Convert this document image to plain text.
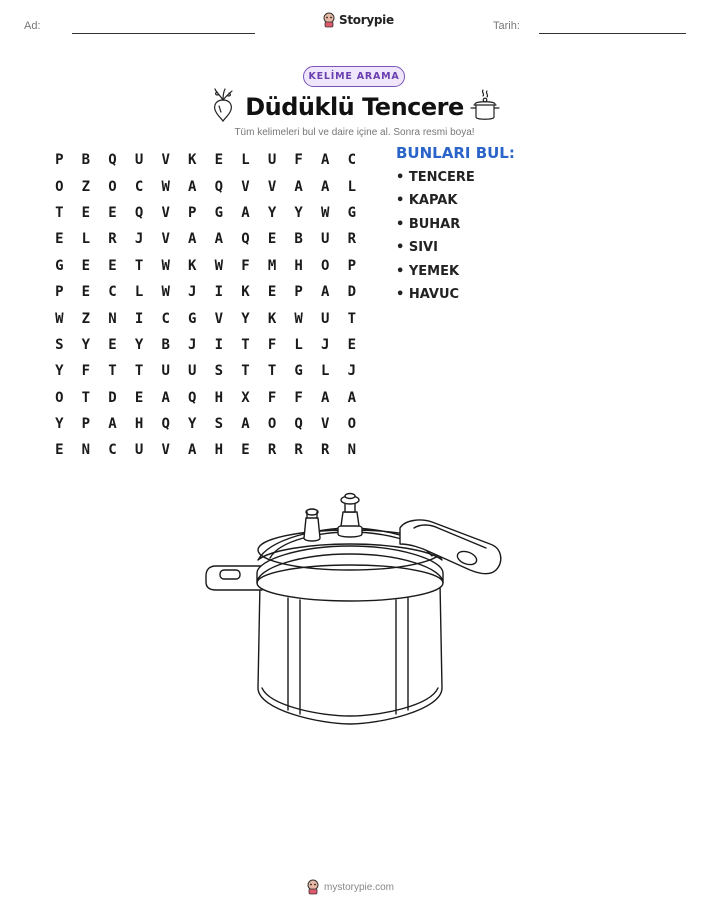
Ad:	Tarih:
Storypie
KELİME ARAMA
Düdüklü Tencere
Tüm kelimeleri bul ve daire içine al. Sonra resmi boya!
P	B	Q	U	V	K	E	L	U	F	A	C
O	Z	O	C	W	A	Q	V	V	A	A	L
T	E	E	Q	V	P	G	A	Y	Y	W	G
E	L	R	J	V	A	A	Q	E	B	U	R
G	E	E	T	W	K	W	F	M	H	O	P
P	E	C	L	W	J	I	K	E	P	A	D
W	Z	N	I	C	G	V	Y	K	W	U	T
S	Y	E	Y	B	J	I	T	F	L	J	E
Y	F	T	T	U	U	S	T	T	G	L	J
O	T	D	E	A	Q	H	X	F	F	A	A
Y	P	A	H	Q	Y	S	A	O	Q	V	O
E	N	C	U	V	A	H	E	R	R	R	N
BUNLARI BUL:
• TENCERE
• KAPAK
• BUHAR
• SIVI
• YEMEK
• HAVUC
mystorypie.com
